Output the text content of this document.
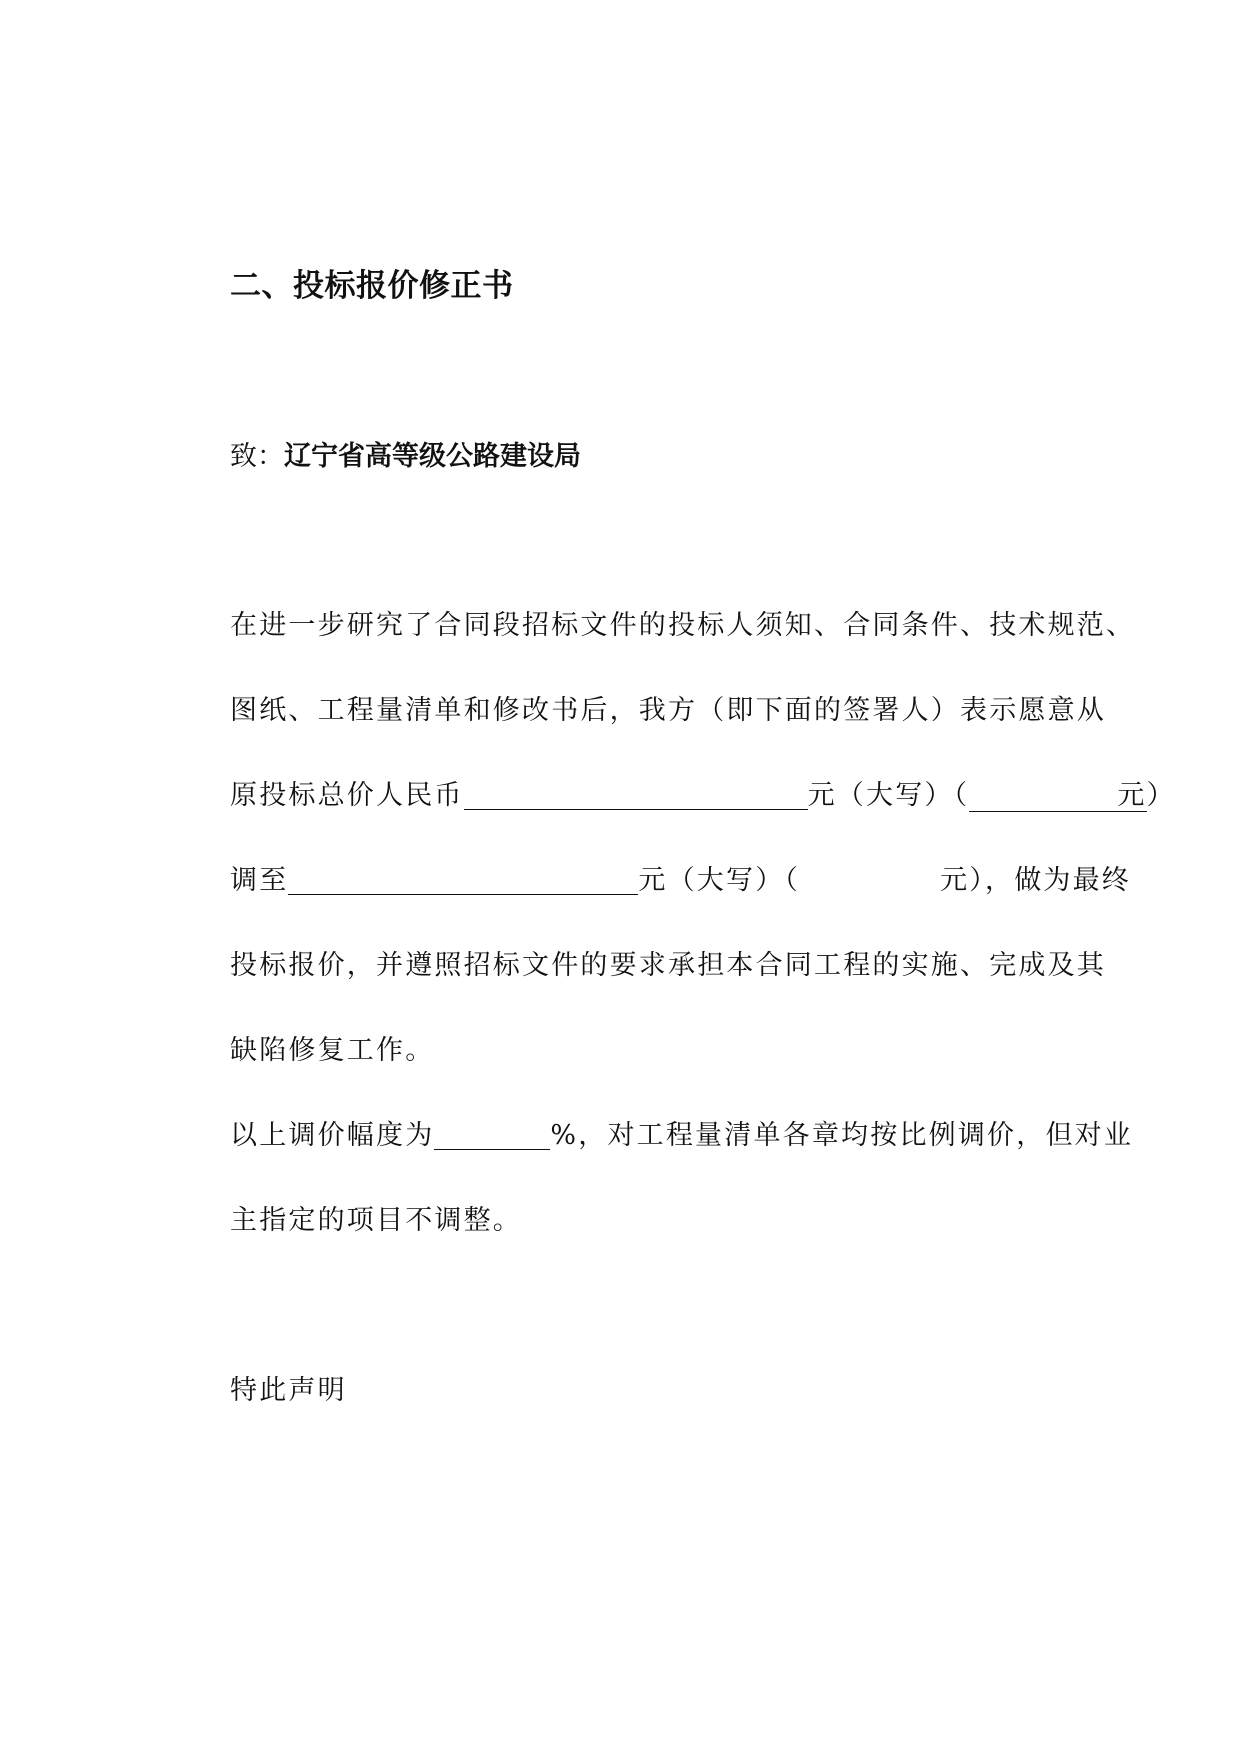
二、投标报价修正书
致：辽宁省高等级公路建设局
在进一步研究了合同段招标文件的投标人须知、合同条件、技术规范、
图纸、工程量清单和修改书后，我方（即下面的签署人）表示愿意从
原投标总价人民币	元（大写）（	元）
调至	元（大写）（	元），做为最终
投标报价，并遵照招标文件的要求承担本合同工程的实施、完成及其
缺陷修复工作。
以上调价幅度为	%，对工程量清单各章均按比例调价，但对业
主指定的项目不调整。
特此声明
